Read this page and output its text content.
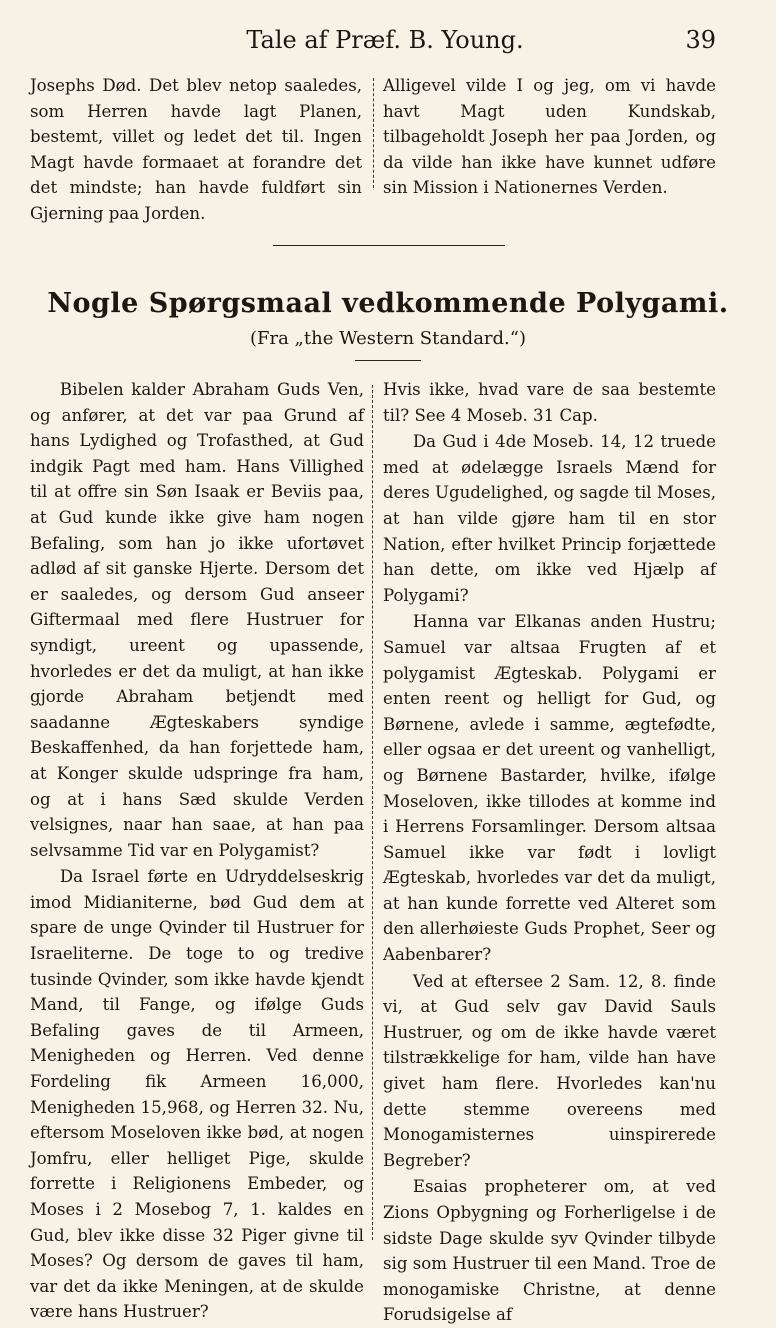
Tale af Præf. B. Young.	39

Josephs Død. Det blev netop saaledes, som Herren havde lagt Planen, bestemt, villet og ledet det til. Ingen Magt havde formaaet at forandre det det mindste; han havde fuldført sin Gjerning paa Jorden.

Alligevel vilde I og jeg, om vi havde havt Magt uden Kundskab, tilbageholdt Joseph her paa Jorden, og da vilde han ikke have kunnet udføre sin Mission i Nationernes Verden.

Nogle Spørgsmaal vedkommende Polygami.
(Fra „the Western Standard.“)

Bibelen kalder Abraham Guds Ven, og anfører, at det var paa Grund af hans Lydighed og Trofasthed, at Gud indgik Pagt med ham. Hans Villighed til at offre sin Søn Isaak er Beviis paa, at Gud kunde ikke give ham nogen Befaling, som han jo ikke ufortøvet adlød af sit ganske Hjerte. Dersom det er saaledes, og dersom Gud anseer Giftermaal med flere Hustruer for syndigt, ureent og upassende, hvorledes er det da muligt, at han ikke gjorde Abraham betjendt med saadanne Ægteskabers syndige Beskaffenhed, da han forjettede ham, at Konger skulde udspringe fra ham, og at i hans Sæd skulde Verden velsignes, naar han saae, at han paa selvsamme Tid var en Polygamist?

Da Israel førte en Udryddelseskrig imod Midianiterne, bød Gud dem at spare de unge Qvinder til Hustruer for Israeliterne. De toge to og tredive tusinde Qvinder, som ikke havde kjendt Mand, til Fange, og ifølge Guds Befaling gaves de til Armeen, Menigheden og Herren. Ved denne Fordeling fik Armeen 16,000, Menigheden 15,968, og Herren 32. Nu, eftersom Moseloven ikke bød, at nogen Jomfru, eller helliget Pige, skulde forrette i Religionens Embeder, og Moses i 2 Mosebog 7, 1. kaldes en Gud, blev ikke disse 32 Piger givne til Moses? Og dersom de gaves til ham, var det da ikke Meningen, at de skulde være hans Hustruer?

Hvis ikke, hvad vare de saa bestemte til? See 4 Moseb. 31 Cap.

Da Gud i 4de Moseb. 14, 12 truede med at ødelægge Israels Mænd for deres Ugudelighed, og sagde til Moses, at han vilde gjøre ham til en stor Nation, efter hvilket Princip forjættede han dette, om ikke ved Hjælp af Polygami?

Hanna var Elkanas anden Hustru; Samuel var altsaa Frugten af et polygamist Ægteskab. Polygami er enten reent og helligt for Gud, og Børnene, avlede i samme, ægtefødte, eller ogsaa er det ureent og vanhelligt, og Børnene Bastarder, hvilke, ifølge Moseloven, ikke tillodes at komme ind i Herrens Forsamlinger. Dersom altsaa Samuel ikke var født i lovligt Ægteskab, hvorledes var det da muligt, at han kunde forrette ved Alteret som den allerhøieste Guds Prophet, Seer og Aabenbarer?

Ved at eftersee 2 Sam. 12, 8. finde vi, at Gud selv gav David Sauls Hustruer, og om de ikke havde været tilstrækkelige for ham, vilde han have givet ham flere. Hvorledes kan'nu dette stemme overeens med Monogamisternes uinspirerede Begreber?

Esaias propheterer om, at ved Zions Opbygning og Forherligelse i de sidste Dage skulde syv Qvinder tilbyde sig som Hustruer til een Mand. Troe de monogamiske Christne, at denne Forudsigelse af
